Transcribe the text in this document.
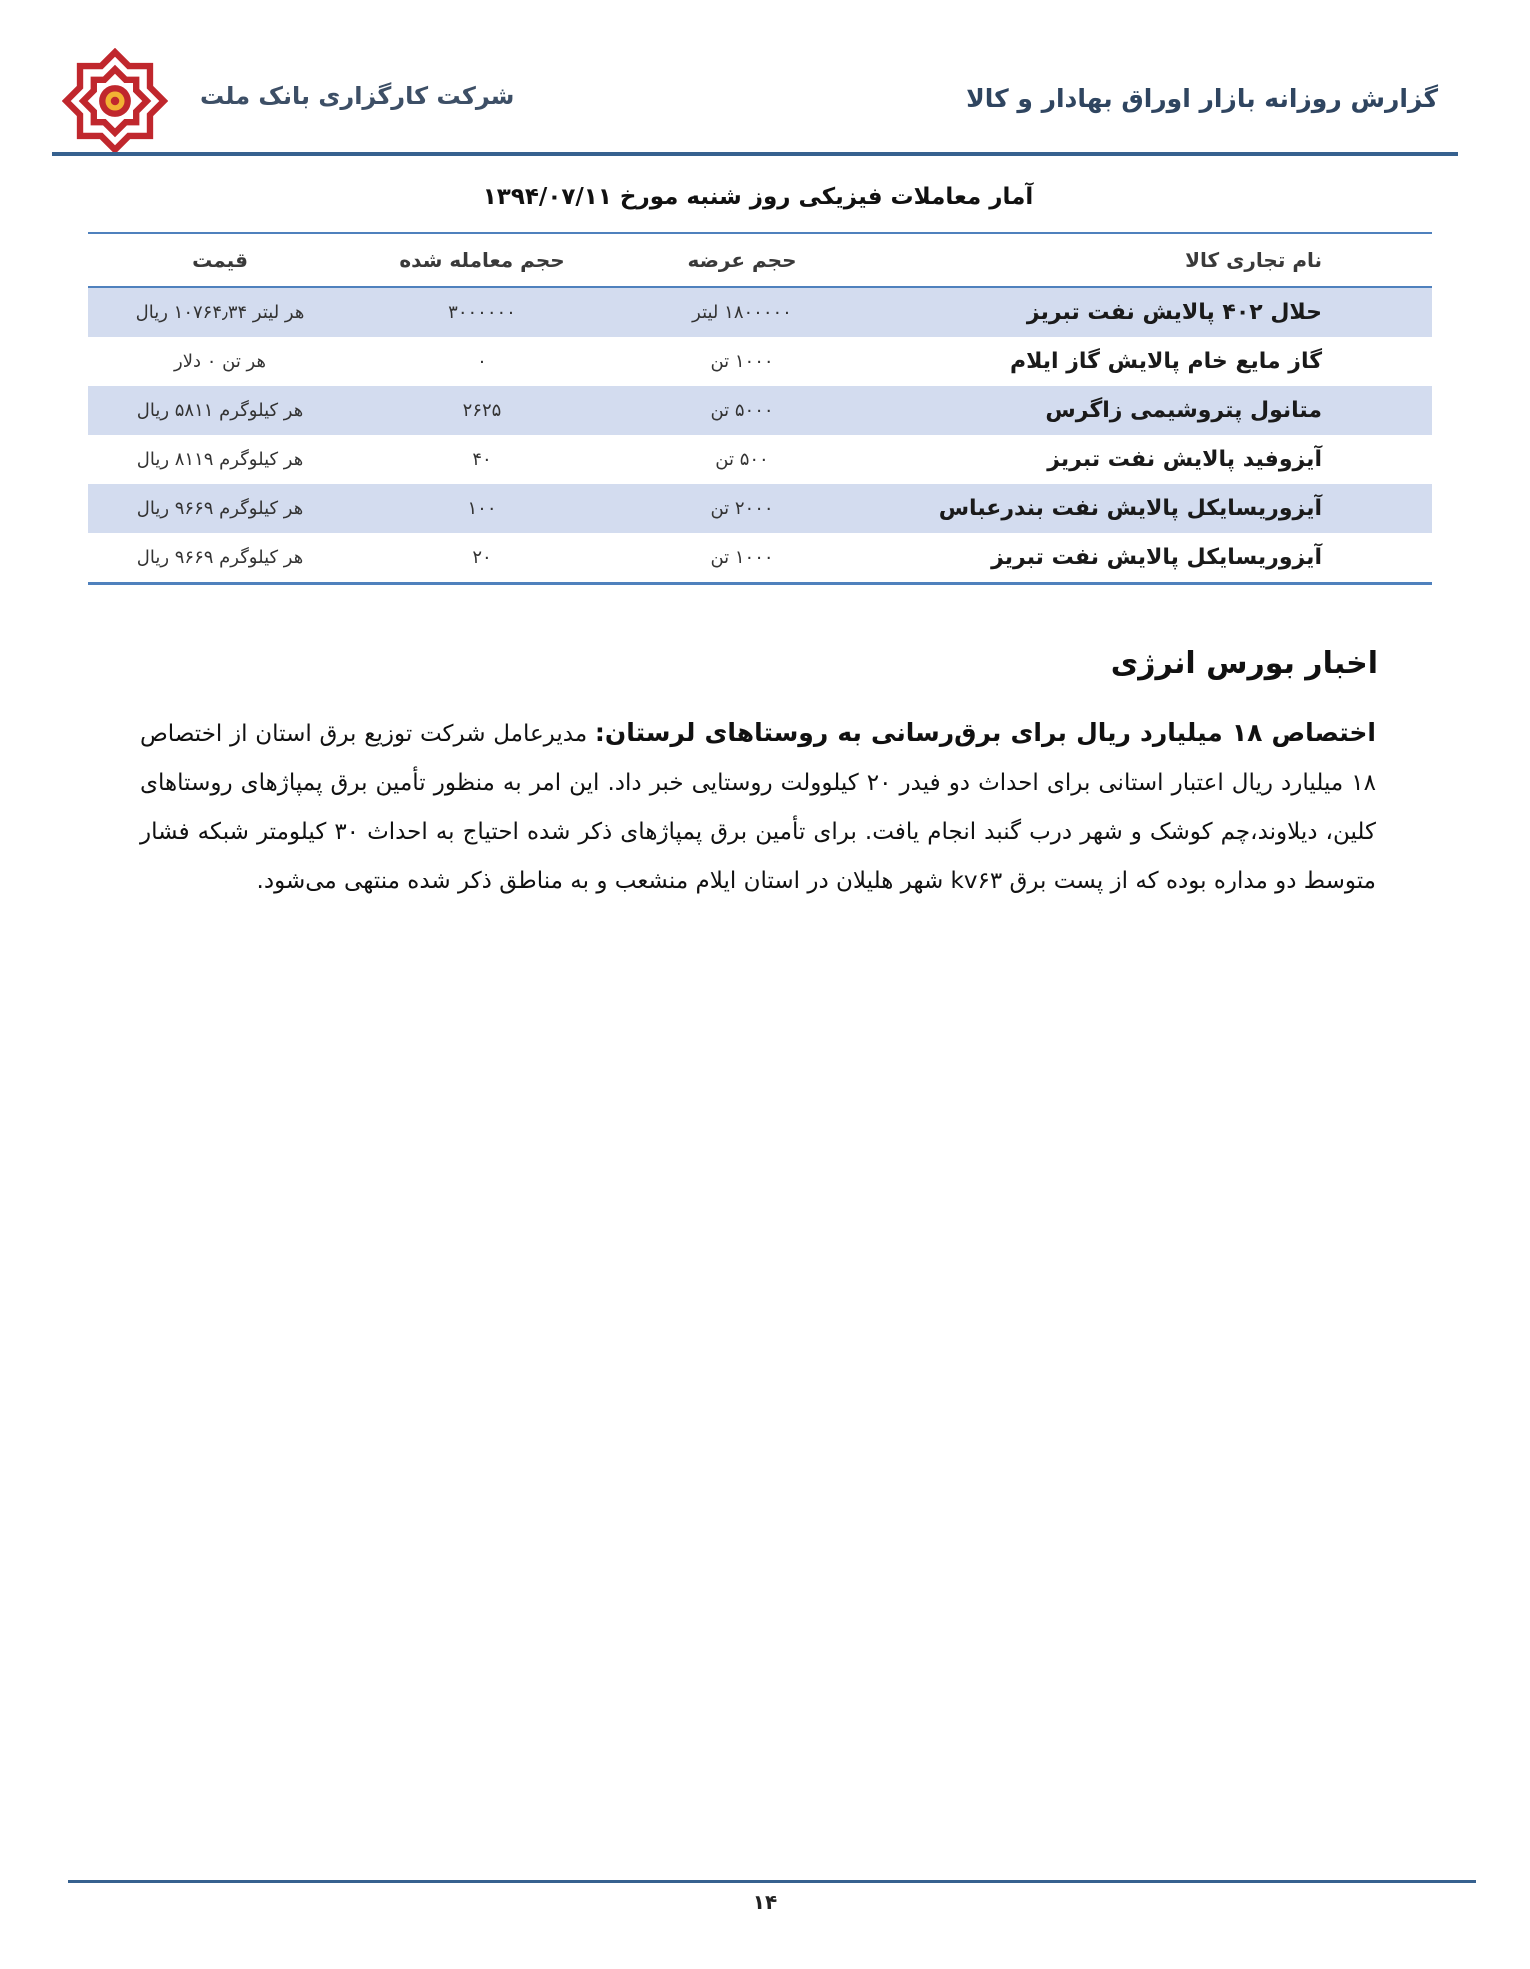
شرکت کارگزاری بانک ملت	گزارش روزانه بازار اوراق بهادار و کالا
آمار معاملات فیزیکی روز شنبه مورخ ۱۳۹۴/۰۷/۱۱
نام تجاری کالا	حجم عرضه	حجم معامله شده	قیمت
حلال ۴۰۲ پالایش نفت تبریز	۱۸۰۰۰۰۰ لیتر	۳۰۰۰۰۰۰	هر لیتر ۱۰۷۶۴٫۳۴ ریال
گاز مایع خام پالایش گاز ایلام	۱۰۰۰ تن	۰	هر تن ۰ دلار
متانول پتروشیمی زاگرس	۵۰۰۰ تن	۲۶۲۵	هر کیلوگرم ۵۸۱۱ ریال
آیزوفید پالایش نفت تبریز	۵۰۰ تن	۴۰	هر کیلوگرم ۸۱۱۹ ریال
آیزوریسایکل پالایش نفت بندرعباس	۲۰۰۰ تن	۱۰۰	هر کیلوگرم ۹۶۶۹ ریال
آیزوریسایکل پالایش نفت تبریز	۱۰۰۰ تن	۲۰	هر کیلوگرم ۹۶۶۹ ریال
اخبار بورس انرژی
اختصاص ۱۸ میلیارد ریال برای برق‌رسانی به روستاهای لرستان: مدیرعامل شرکت توزیع برق استان از اختصاص ۱۸ میلیارد ریال اعتبار استانی برای احداث دو فیدر ۲۰ کیلوولت روستایی خبر داد. این امر به منظور تأمین برق پمپاژهای روستاهای کلین، دیلاوند،چم کوشک و شهر درب گنبد انجام یافت. برای تأمین برق پمپاژهای ذکر شده احتیاج به احداث ۳۰ کیلومتر شبکه فشار متوسط دو مداره بوده که از پست برق kv۶۳ شهر هلیلان در استان ایلام منشعب و به مناطق ذکر شده منتهی می‌شود.
۱۴
